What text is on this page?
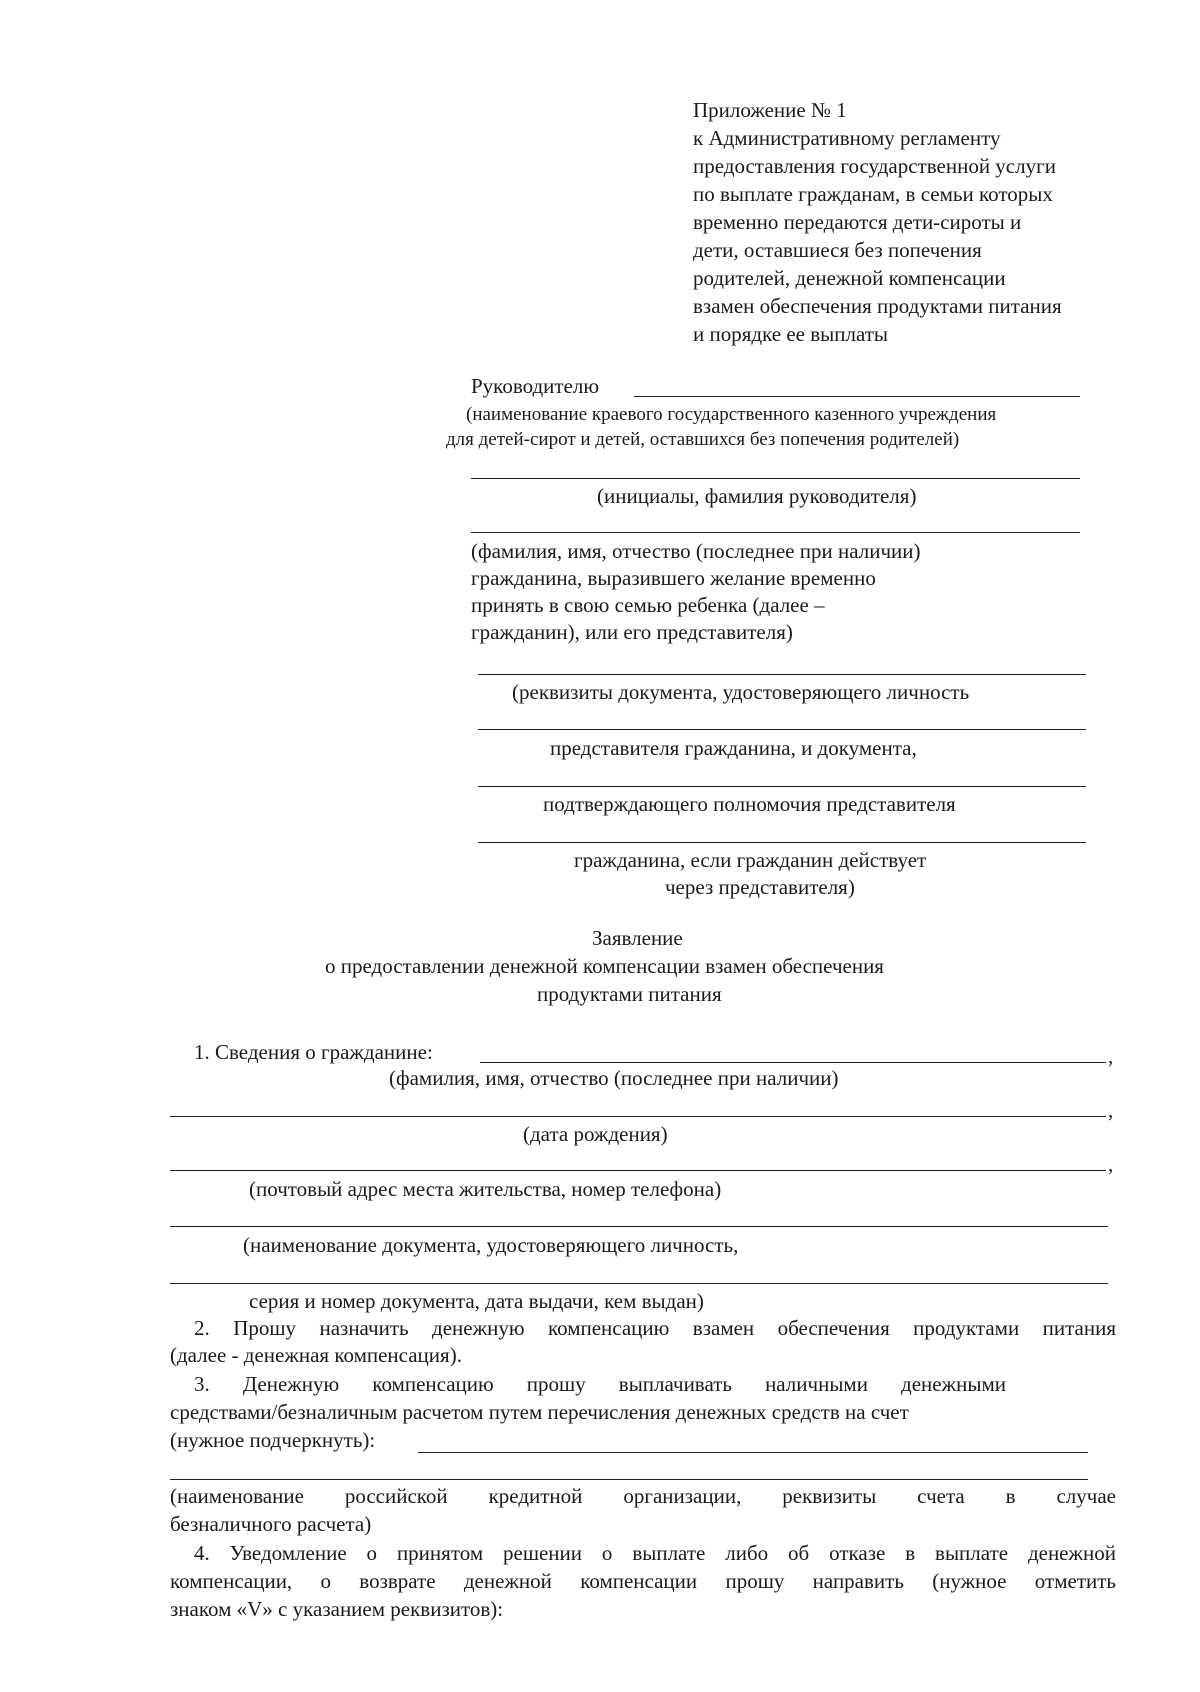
Приложение № 1
к Административному регламенту
предоставления государственной услуги
по выплате гражданам, в семьи которых
временно передаются дети-сироты и
дети, оставшиеся без попечения
родителей, денежной компенсации
взамен обеспечения продуктами питания
и порядке ее выплаты
Руководителю
(наименование краевого государственного казенного учреждения
для детей-сирот и детей, оставшихся без попечения родителей)
(инициалы, фамилия руководителя)
(фамилия, имя, отчество (последнее при наличии)
гражданина, выразившего желание временно
принять в свою семью ребенка (далее –
гражданин), или его представителя)
(реквизиты документа, удостоверяющего личность
представителя гражданина, и документа,
подтверждающего полномочия представителя
гражданина, если гражданин действует
через представителя)
Заявление
о предоставлении денежной компенсации взамен обеспечения
продуктами питания
1. Сведения о гражданине:	,
(фамилия, имя, отчество (последнее при наличии)
,
(дата рождения)
,
(почтовый адрес места жительства, номер телефона)
(наименование документа, удостоверяющего личность,
серия и номер документа, дата выдачи, кем выдан)
2. Прошу назначить денежную компенсацию взамен обеспечения продуктами питания
(далее - денежная компенсация).
3. Денежную компенсацию прошу выплачивать наличными денежными
средствами/безналичным расчетом путем перечисления денежных средств на счет
(нужное подчеркнуть):
(наименование российской кредитной организации, реквизиты счета в случае
безналичного расчета)
4. Уведомление о принятом решении о выплате либо об отказе в выплате денежной
компенсации, о возврате денежной компенсации прошу направить (нужное отметить
знаком «V» с указанием реквизитов):
